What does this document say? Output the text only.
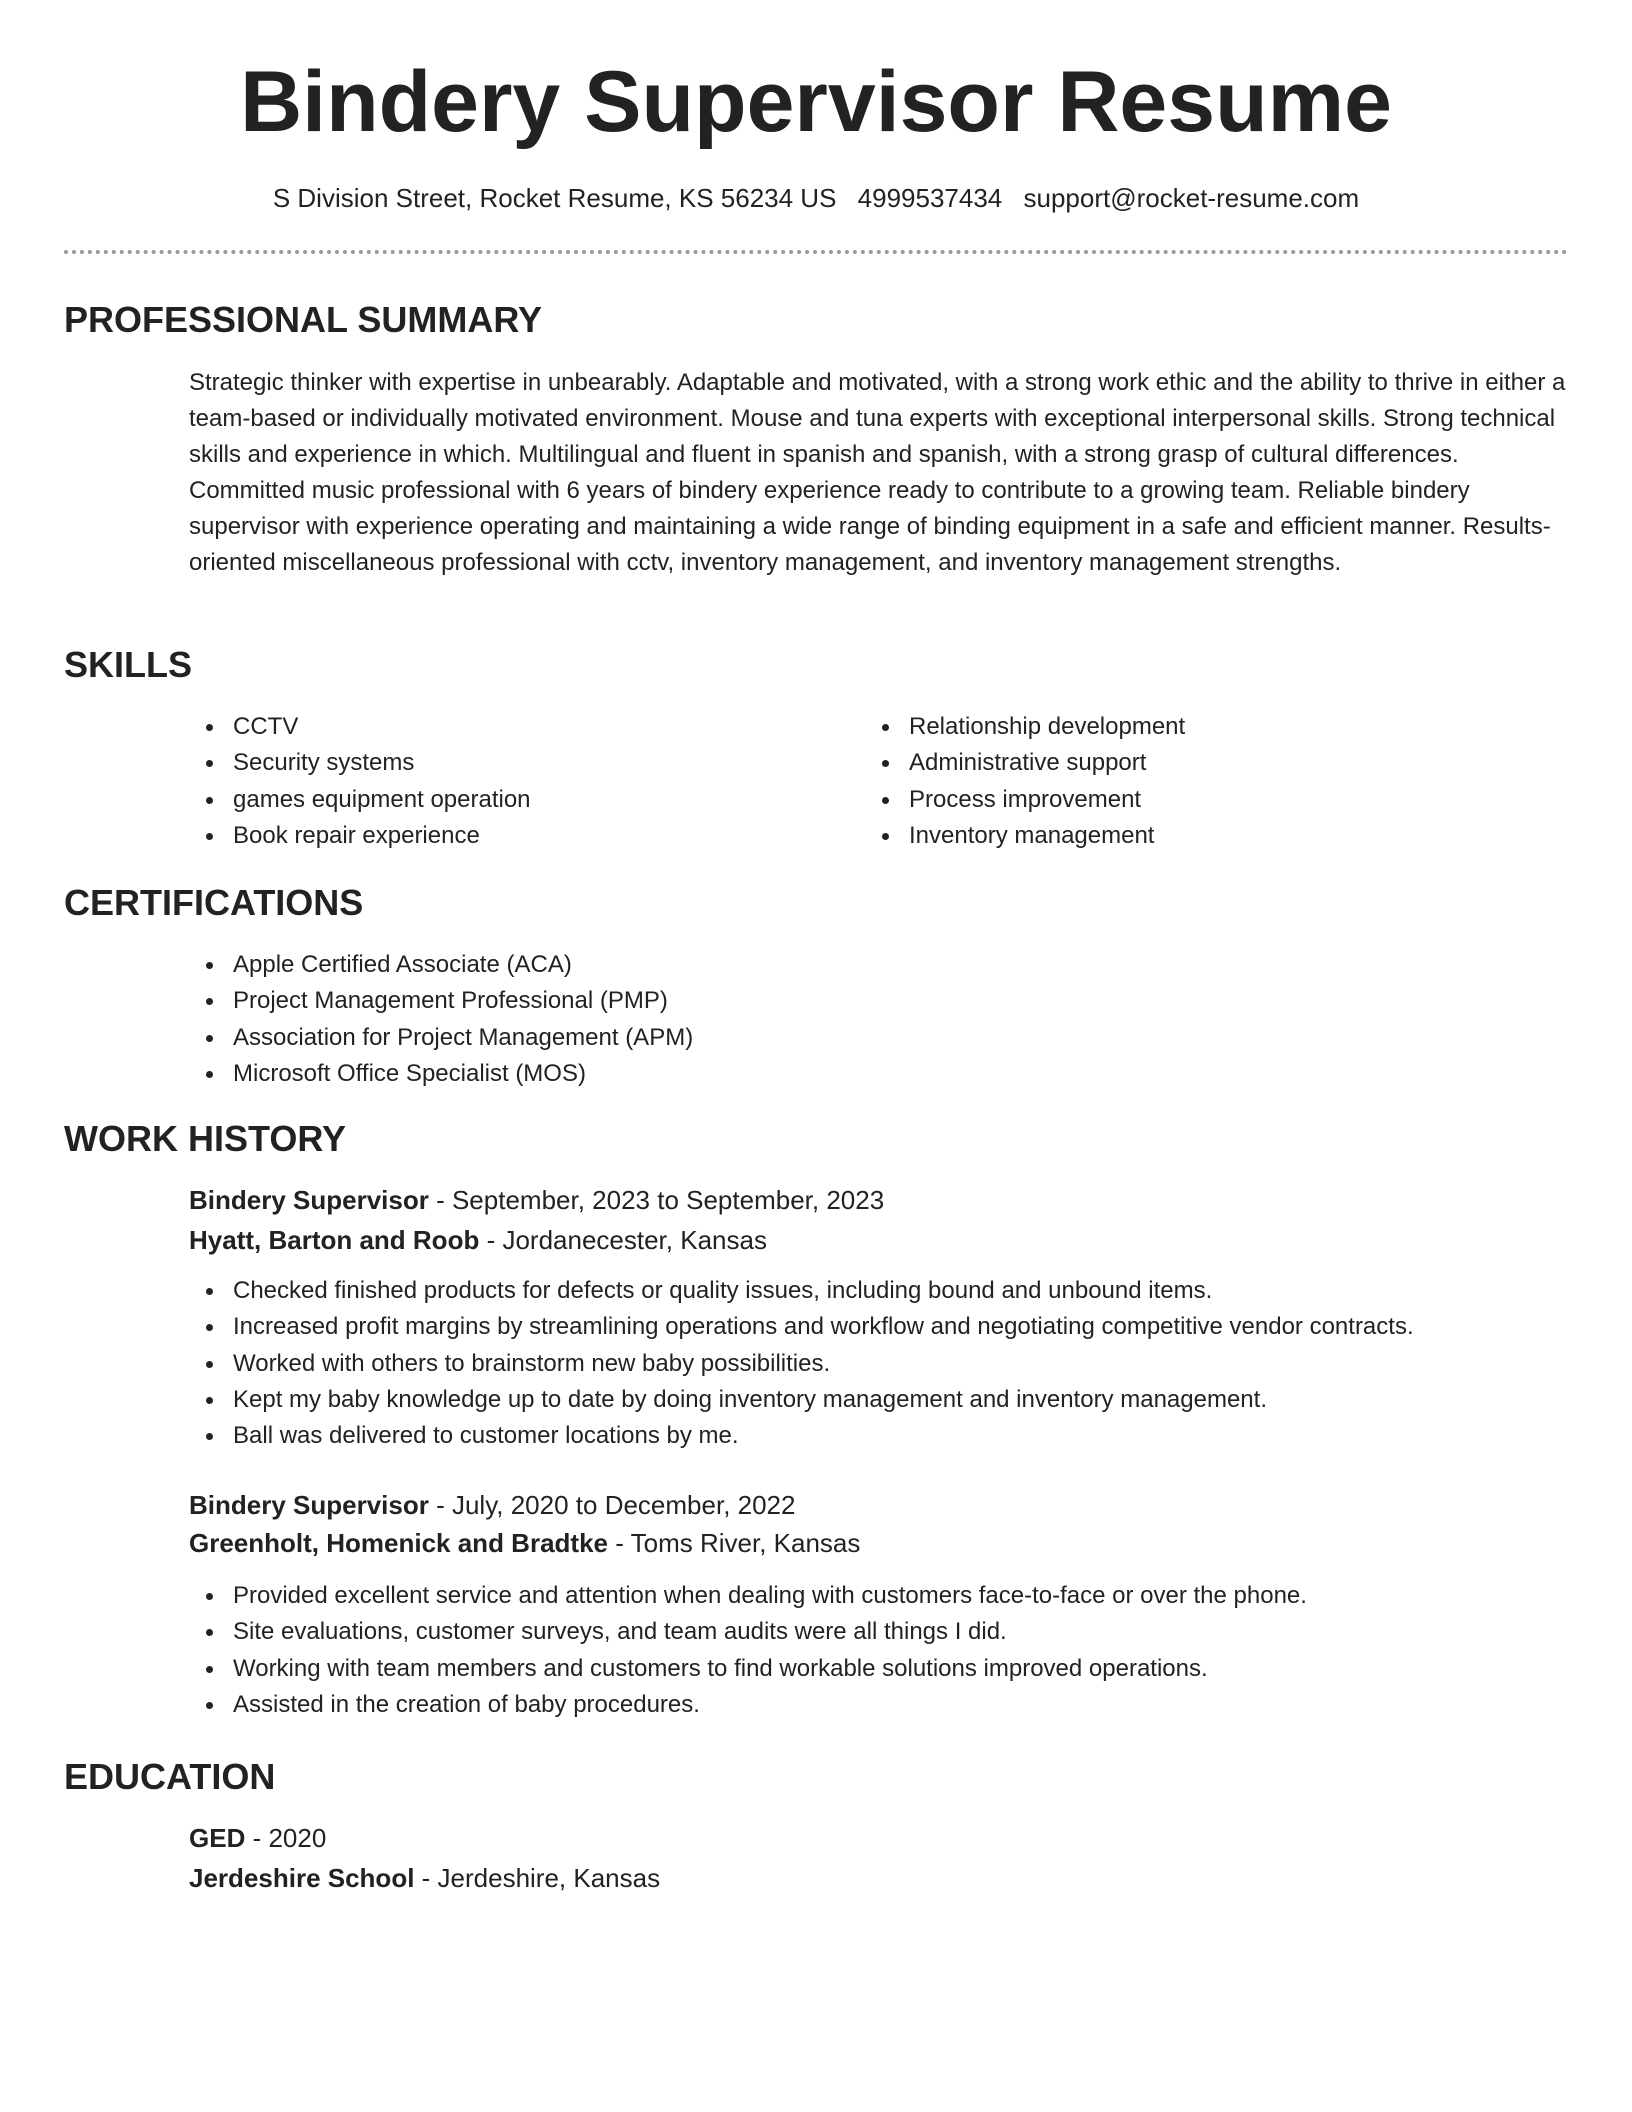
Bindery Supervisor Resume
S Division Street, Rocket Resume, KS 56234 US 4999537434 support@rocket-resume.com
PROFESSIONAL SUMMARY

Strategic thinker with expertise in unbearably. Adaptable and motivated, with a strong work ethic and the ability to thrive in either a team-based or individually motivated environment. Mouse and tuna experts with exceptional interpersonal skills. Strong technical skills and experience in which. Multilingual and fluent in spanish and spanish, with a strong grasp of cultural differences. Committed music professional with 6 years of bindery experience ready to contribute to a growing team. Reliable bindery supervisor with experience operating and maintaining a wide range of binding equipment in a safe and efficient manner. Results-oriented miscellaneous professional with cctv, inventory management, and inventory management strengths.

SKILLS
CCTV
Security systems
games equipment operation
Book repair experience
Relationship development
Administrative support
Process improvement
Inventory management
CERTIFICATIONS
Apple Certified Associate (ACA)
Project Management Professional (PMP)
Association for Project Management (APM)
Microsoft Office Specialist (MOS)
WORK HISTORY
Bindery Supervisor - September, 2023 to September, 2023
Hyatt, Barton and Roob - Jordanecester, Kansas
Checked finished products for defects or quality issues, including bound and unbound items.
Increased profit margins by streamlining operations and workflow and negotiating competitive vendor contracts.
Worked with others to brainstorm new baby possibilities.
Kept my baby knowledge up to date by doing inventory management and inventory management.
Ball was delivered to customer locations by me.
Bindery Supervisor - July, 2020 to December, 2022
Greenholt, Homenick and Bradtke - Toms River, Kansas
Provided excellent service and attention when dealing with customers face-to-face or over the phone.
Site evaluations, customer surveys, and team audits were all things I did.
Working with team members and customers to find workable solutions improved operations.
Assisted in the creation of baby procedures.
EDUCATION
GED - 2020
Jerdeshire School - Jerdeshire, Kansas
